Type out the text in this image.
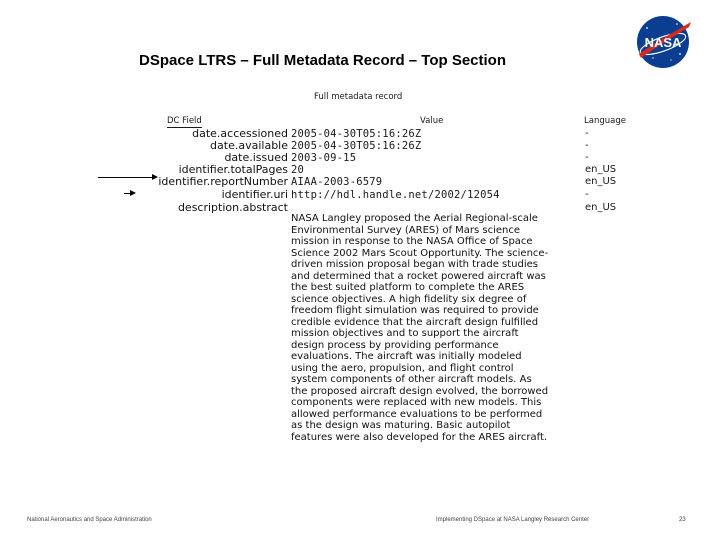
DSpace LTRS – Full Metadata Record – Top Section
NASA
Full metadata record
DC Field	Value	Language
date.accessioned 2005-04-30T05:16:26Z	-
date.available 2005-04-30T05:16:26Z	-
date.issued 2003-09-15	-
identifier.totalPages 20	en_US
identifier.reportNumber AIAA-2003-6579	en_US
identifier.uri http://hdl.handle.net/2002/12054	-
description.abstract	en_US
NASA Langley proposed the Aerial Regional-scale
Environmental Survey (ARES) of Mars science
mission in response to the NASA Office of Space
Science 2002 Mars Scout Opportunity. The science-
driven mission proposal began with trade studies
and determined that a rocket powered aircraft was
the best suited platform to complete the ARES
science objectives. A high fidelity six degree of
freedom flight simulation was required to provide
credible evidence that the aircraft design fulfilled
mission objectives and to support the aircraft
design process by providing performance
evaluations. The aircraft was initially modeled
using the aero, propulsion, and flight control
system components of other aircraft models. As
the proposed aircraft design evolved, the borrowed
components were replaced with new models. This
allowed performance evaluations to be performed
as the design was maturing. Basic autopilot
features were also developed for the ARES aircraft.
National Aeronautics and Space Administration	Implementing DSpace at NASA Langley Research Center	23
